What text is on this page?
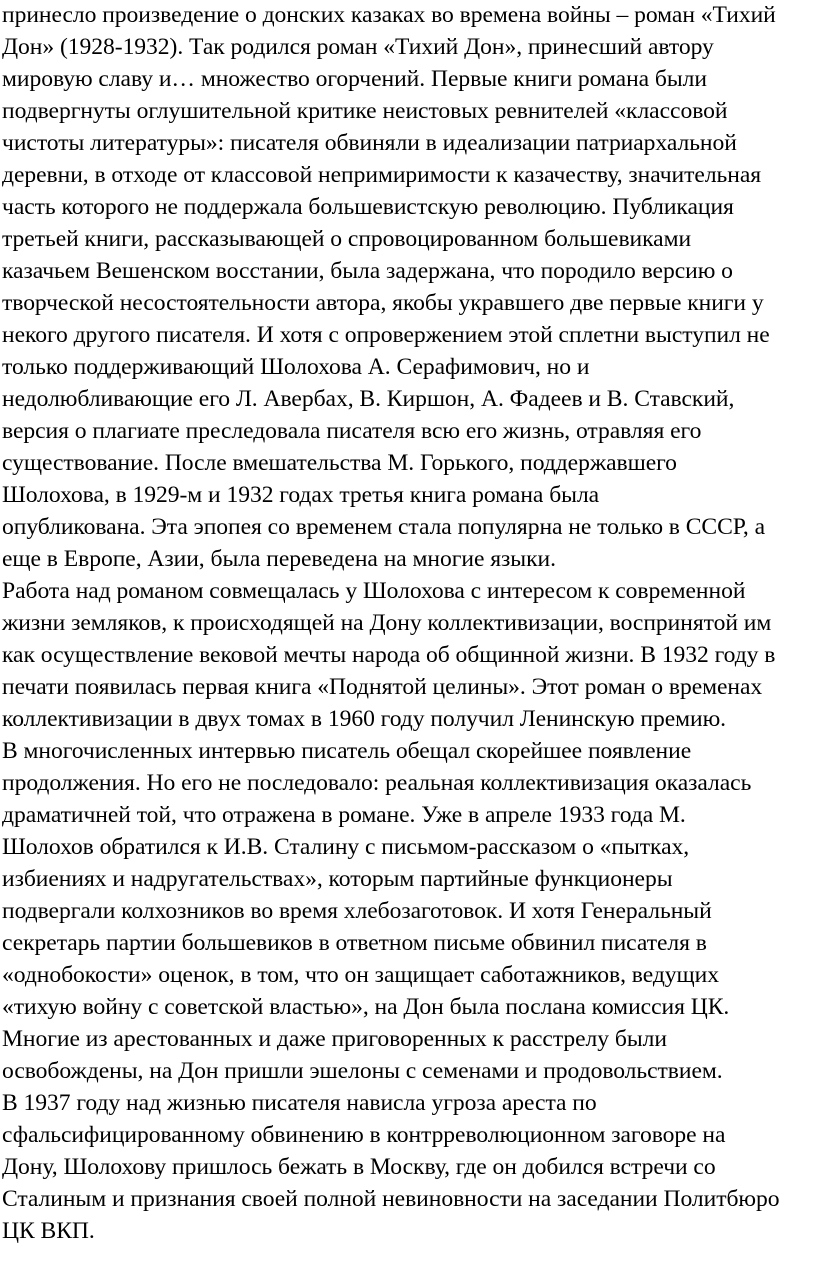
принесло произведение о донских казаках во времена войны – роман «Тихий
Дон» (1928-1932). Так родился роман «Тихий Дон», принесший автору
мировую славу и… множество огорчений. Первые книги романа были
подвергнуты оглушительной критике неистовых ревнителей «классовой
чистоты литературы»: писателя обвиняли в идеализации патриархальной
деревни, в отходе от классовой непримиримости к казачеству, значительная
часть которого не поддержала большевистскую революцию. Публикация
третьей книги, рассказывающей о спровоцированном большевиками
казачьем Вешенском восстании, была задержана, что породило версию о
творческой несостоятельности автора, якобы укравшего две первые книги у
некого другого писателя. И хотя с опровержением этой сплетни выступил не
только поддерживающий Шолохова А. Серафимович, но и
недолюбливающие его Л. Авербах, В. Киршон, А. Фадеев и В. Ставский,
версия о плагиате преследовала писателя всю его жизнь, отравляя его
существование. После вмешательства М. Горького, поддержавшего
Шолохова, в 1929-м и 1932 годах третья книга романа была
опубликована. Эта эпопея со временем стала популярна не только в СССР, а
еще в Европе, Азии, была переведена на многие языки.
Работа над романом совмещалась у Шолохова с интересом к современной
жизни земляков, к происходящей на Дону коллективизации, воспринятой им
как осуществление вековой мечты народа об общинной жизни. В 1932 году в
печати появилась первая книга «Поднятой целины». Этот роман о временах
коллективизации в двух томах в 1960 году получил Ленинскую премию.
В многочисленных интервью писатель обещал скорейшее появление
продолжения. Но его не последовало: реальная коллективизация оказалась
драматичней той, что отражена в романе. Уже в апреле 1933 года М.
Шолохов обратился к И.В. Сталину с письмом-рассказом о «пытках,
избиениях и надругательствах», которым партийные функционеры
подвергали колхозников во время хлебозаготовок. И хотя Генеральный
секретарь партии большевиков в ответном письме обвинил писателя в
«однобокости» оценок, в том, что он защищает саботажников, ведущих
«тихую войну с советской властью», на Дон была послана комиссия ЦК.
Многие из арестованных и даже приговоренных к расстрелу были
освобождены, на Дон пришли эшелоны с семенами и продовольствием.
В 1937 году над жизнью писателя нависла угроза ареста по
сфальсифицированному обвинению в контрреволюционном заговоре на
Дону, Шолохову пришлось бежать в Москву, где он добился встречи со
Сталиным и признания своей полной невиновности на заседании Политбюро
ЦК ВКП.
